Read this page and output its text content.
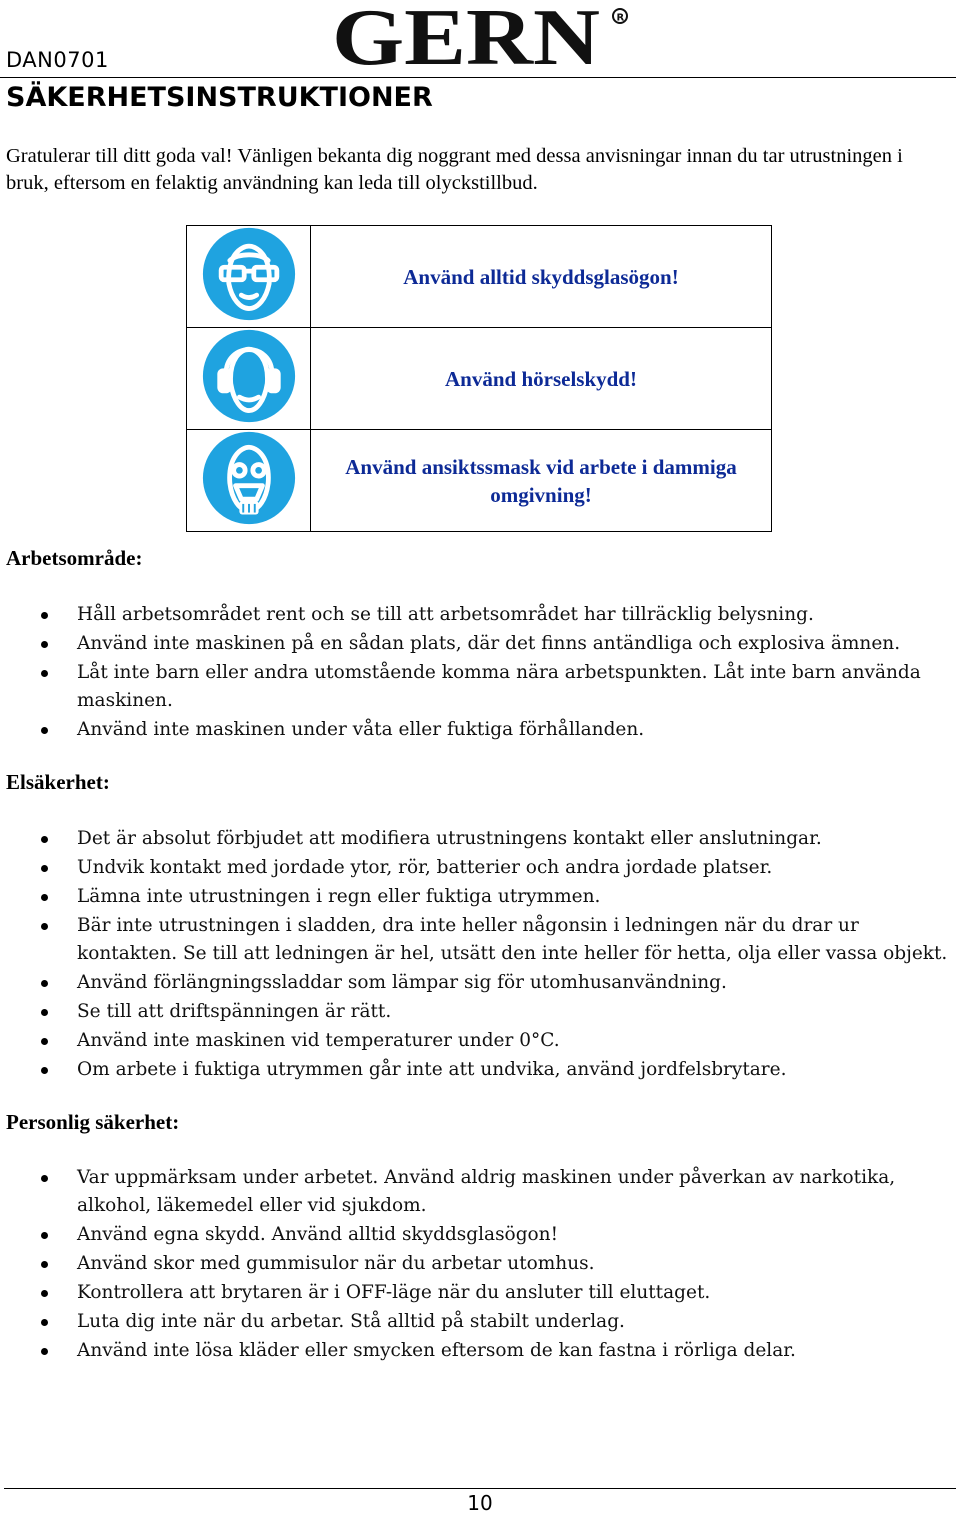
DAN0701	GERN R
SÄKERHETSINSTRUKTIONER
Gratulerar till ditt goda val! Vänligen bekanta dig noggrant med dessa anvisningar innan du tar utrustningen i bruk, eftersom en felaktig användning kan leda till olyckstillbud.
	Använd alltid skyddsglasögon!
	Använd hörselskydd!
	Använd ansiktssmask vid arbete i dammiga omgivning!
Arbetsområde:
Håll arbetsområdet rent och se till att arbetsområdet har tillräcklig belysning.
Använd inte maskinen på en sådan plats, där det finns antändliga och explosiva ämnen.
Låt inte barn eller andra utomstående komma nära arbetspunkten. Låt inte barn använda maskinen.
Använd inte maskinen under våta eller fuktiga förhållanden.
Elsäkerhet:
Det är absolut förbjudet att modifiera utrustningens kontakt eller anslutningar.
Undvik kontakt med jordade ytor, rör, batterier och andra jordade platser.
Lämna inte utrustningen i regn eller fuktiga utrymmen.
Bär inte utrustningen i sladden, dra inte heller någonsin i ledningen när du drar ur kontakten. Se till att ledningen är hel, utsätt den inte heller för hetta, olja eller vassa objekt.
Använd förlängningssladdar som lämpar sig för utomhusanvändning.
Se till att driftspänningen är rätt.
Använd inte maskinen vid temperaturer under 0°C.
Om arbete i fuktiga utrymmen går inte att undvika, använd jordfelsbrytare.
Personlig säkerhet:
Var uppmärksam under arbetet. Använd aldrig maskinen under påverkan av narkotika, alkohol, läkemedel eller vid sjukdom.
Använd egna skydd. Använd alltid skyddsglasögon!
Använd skor med gummisulor när du arbetar utomhus.
Kontrollera att brytaren är i OFF-läge när du ansluter till eluttaget.
Luta dig inte när du arbetar. Stå alltid på stabilt underlag.
Använd inte lösa kläder eller smycken eftersom de kan fastna i rörliga delar.
10
